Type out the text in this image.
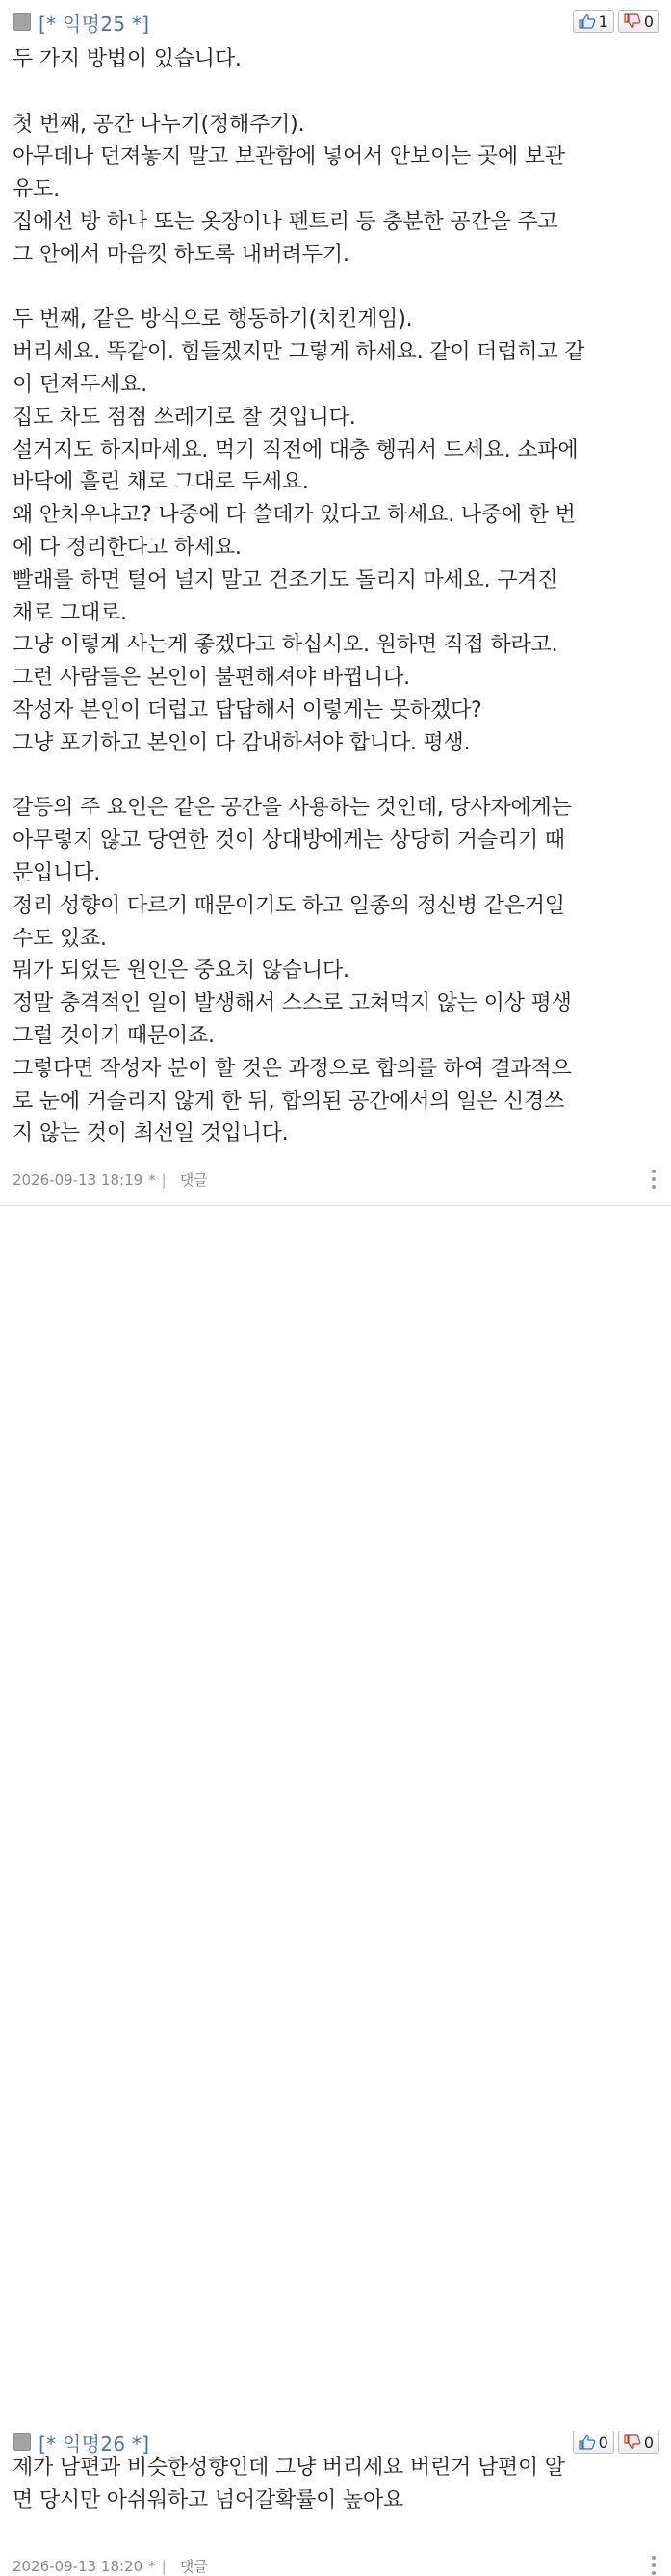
[* 익명25 *]	1 0

두 가지 방법이 있습니다.

첫 번째, 공간 나누기(정해주기).

아무데나 던져놓지 말고 보관함에 넣어서 안보이는 곳에 보관

유도.

집에선 방 하나 또는 옷장이나 펜트리 등 충분한 공간을 주고

그 안에서 마음껏 하도록 내버려두기.

두 번째, 같은 방식으로 행동하기(치킨게임).

버리세요. 똑같이. 힘들겠지만 그렇게 하세요. 같이 더럽히고 같

이 던져두세요.

집도 차도 점점 쓰레기로 찰 것입니다.

설거지도 하지마세요. 먹기 직전에 대충 헹궈서 드세요. 소파에

바닥에 흘린 채로 그대로 두세요.

왜 안치우냐고? 나중에 다 쓸데가 있다고 하세요. 나중에 한 번

에 다 정리한다고 하세요.

빨래를 하면 털어 널지 말고 건조기도 돌리지 마세요. 구겨진

채로 그대로.

그냥 이렇게 사는게 좋겠다고 하십시오. 원하면 직접 하라고.

그런 사람들은 본인이 불편해져야 바뀝니다.

작성자 본인이 더럽고 답답해서 이렇게는 못하겠다?

그냥 포기하고 본인이 다 감내하셔야 합니다. 평생.

갈등의 주 요인은 같은 공간을 사용하는 것인데, 당사자에게는

아무렇지 않고 당연한 것이 상대방에게는 상당히 거슬리기 때

문입니다.

정리 성향이 다르기 때문이기도 하고 일종의 정신병 같은거일

수도 있죠.

뭐가 되었든 원인은 중요치 않습니다.

정말 충격적인 일이 발생해서 스스로 고쳐먹지 않는 이상 평생

그럴 것이기 때문이죠.

그렇다면 작성자 분이 할 것은 과정으로 합의를 하여 결과적으

로 눈에 거슬리지 않게 한 뒤, 합의된 공간에서의 일은 신경쓰

지 않는 것이 최선일 것입니다.

2026-09-13 18:19 * | 댓글
[* 익명26 *]	0 0

제가 남편과 비슷한성향인데 그냥 버리세요 버린거 남편이 알

면 당시만 아쉬워하고 넘어갈확률이 높아요

2026-09-13 18:20 * | 댓글
